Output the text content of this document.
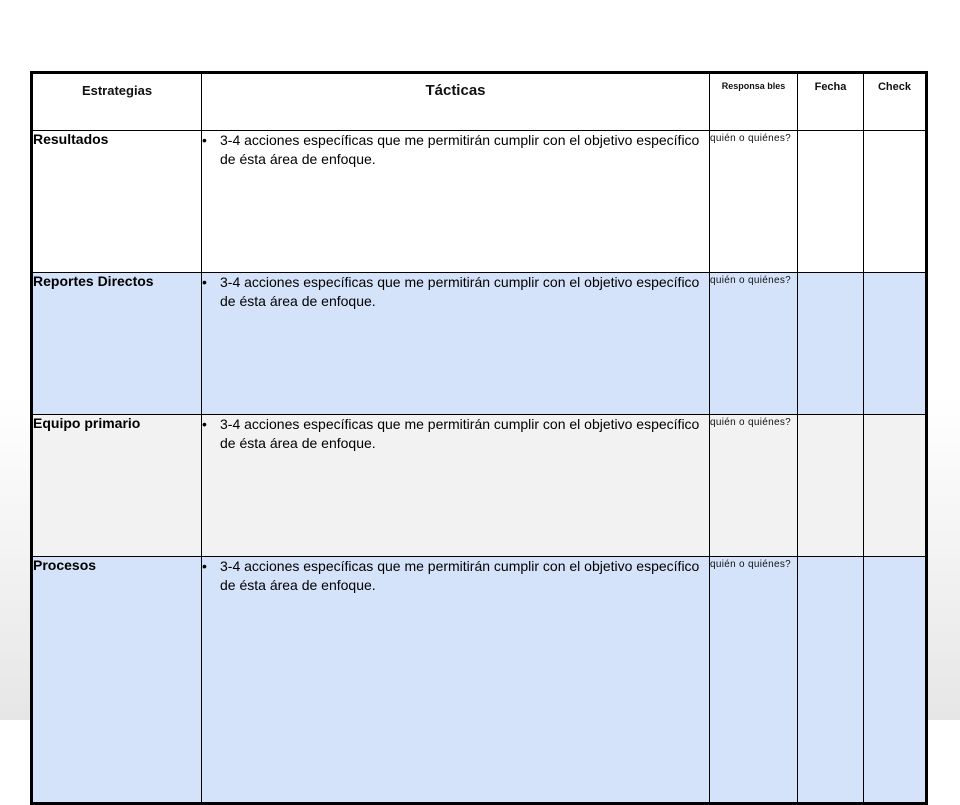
Estrategias	Tácticas	Responsa bles	Fecha	Check

Resultados	• 3-4 acciones específicas que me permitirán cumplir con el objetivo específico de ésta área de enfoque.	quién o quiénes?		
Reportes Directos	• 3-4 acciones específicas que me permitirán cumplir con el objetivo específico de ésta área de enfoque.	quién o quiénes?		
Equipo primario	• 3-4 acciones específicas que me permitirán cumplir con el objetivo específico de ésta área de enfoque.	quién o quiénes?		
Procesos	• 3-4 acciones específicas que me permitirán cumplir con el objetivo específico de ésta área de enfoque.	quién o quiénes?		
